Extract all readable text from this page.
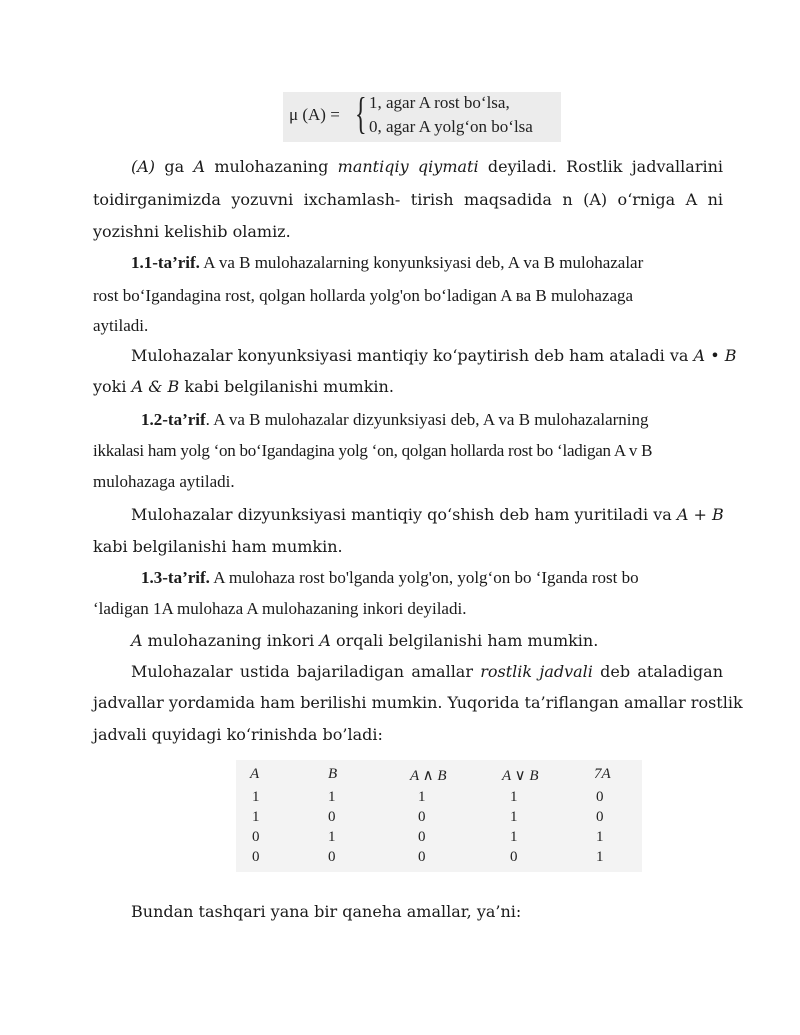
μ (A) = { 1, agar A rost bo‘lsa,
0, agar A yolg‘on bo‘lsa
(A) ga A mulohazaning mantiqiy qiymati deyiladi. Rostlik jadvallarini
toidirganimizda yozuvni ixchamlash- tirish maqsadida n (A) o‘rniga A ni
yozishni kelishib olamiz.
1.1-ta’rif. A va B mulohazalarning konyunksiyasi deb, A va B mulohazalar
rost bo‘Igandagina rost, qolgan hollarda yolg'on bo‘ladigan A ва B mulohazaga
aytiladi.
Mulohazalar konyunksiyasi mantiqiy ko‘paytirish deb ham ataladi va A • B
yoki A & B kabi belgilanishi mumkin.
1.2-ta’rif. A va B mulohazalar dizyunksiyasi deb, A va B mulohazalarning
ikkalasi ham yolg ‘on bo‘Igandagina yolg ‘on, qolgan hollarda rost bo ‘ladigan A v B
mulohazaga aytiladi.
Mulohazalar dizyunksiyasi mantiqiy qo‘shish deb ham yuritiladi va A + B
kabi belgilanishi ham mumkin.
1.3-ta’rif. A mulohaza rost bo'lganda yolg'on, yolg‘on bo ‘Iganda rost bo
‘ladigan 1A mulohaza A mulohazaning inkori deyiladi.
A mulohazaning inkori A orqali belgilanishi ham mumkin.
Mulohazalar ustida bajariladigan amallar rostlik jadvali deb ataladigan
jadvallar yordamida ham berilishi mumkin. Yuqorida ta’riflangan amallar rostlik
jadvali quyidagi ko‘rinishda bo’ladi:
A	B	A ∧ B	A ∨ B	7A
1	1	1	1	0
1	0	0	1	0
0	1	0	1	1
0	0	0	0	1
Bundan tashqari yana bir qaneha amallar, ya’ni:
